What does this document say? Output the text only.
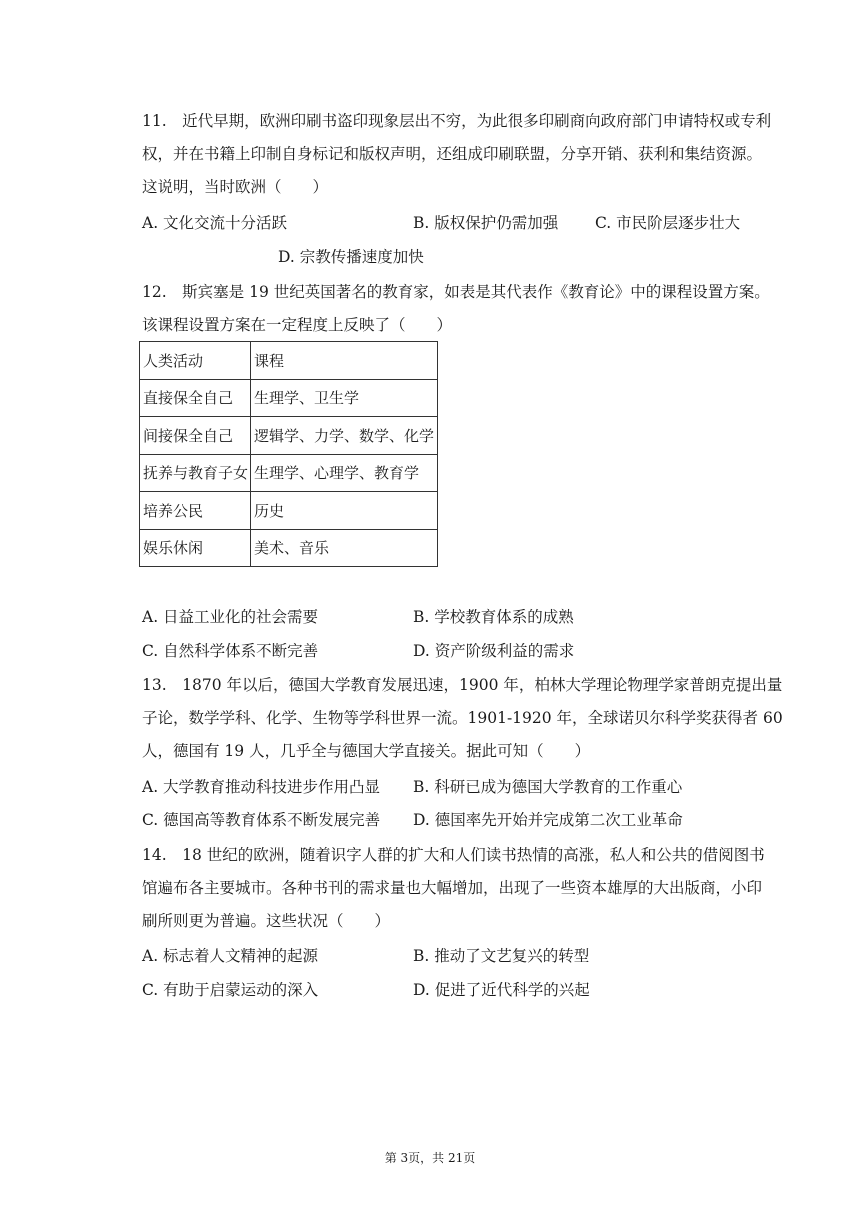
11.　近代早期，欧洲印刷书盗印现象层出不穷，为此很多印刷商向政府部门申请特权或专利
权，并在书籍上印制自身标记和版权声明，还组成印刷联盟，分享开销、获利和集结资源。
这说明，当时欧洲（　　）
A. 文化交流十分活跃	B. 版权保护仍需加强 C. 市民阶层逐步壮大
D. 宗教传播速度加快
12.　斯宾塞是 19 世纪英国著名的教育家，如表是其代表作《教育论》中的课程设置方案。
该课程设置方案在一定程度上反映了（　　）
人类活动	课程
直接保全自己	生理学、卫生学
间接保全自己	逻辑学、力学、数学、化学
抚养与教育子女	生理学、心理学、教育学
培养公民	历史
娱乐休闲	美术、音乐
A. 日益工业化的社会需要	B. 学校教育体系的成熟
C. 自然科学体系不断完善	D. 资产阶级利益的需求
13.　1870 年以后，德国大学教育发展迅速，1900 年，柏林大学理论物理学家普朗克提出量
子论，数学学科、化学、生物等学科世界一流。1901-1920 年，全球诺贝尔科学奖获得者 60
人，德国有 19 人，几乎全与德国大学直接关。据此可知（　　）
A. 大学教育推动科技进步作用凸显 B. 科研已成为德国大学教育的工作重心
C. 德国高等教育体系不断发展完善 D. 德国率先开始并完成第二次工业革命
14.　18 世纪的欧洲，随着识字人群的扩大和人们读书热情的高涨，私人和公共的借阅图书
馆遍布各主要城市。各种书刊的需求量也大幅增加，出现了一些资本雄厚的大出版商，小印
刷所则更为普遍。这些状况（　　）
A. 标志着人文精神的起源	B. 推动了文艺复兴的转型
C. 有助于启蒙运动的深入	D. 促进了近代科学的兴起
第 3页，共 21页
